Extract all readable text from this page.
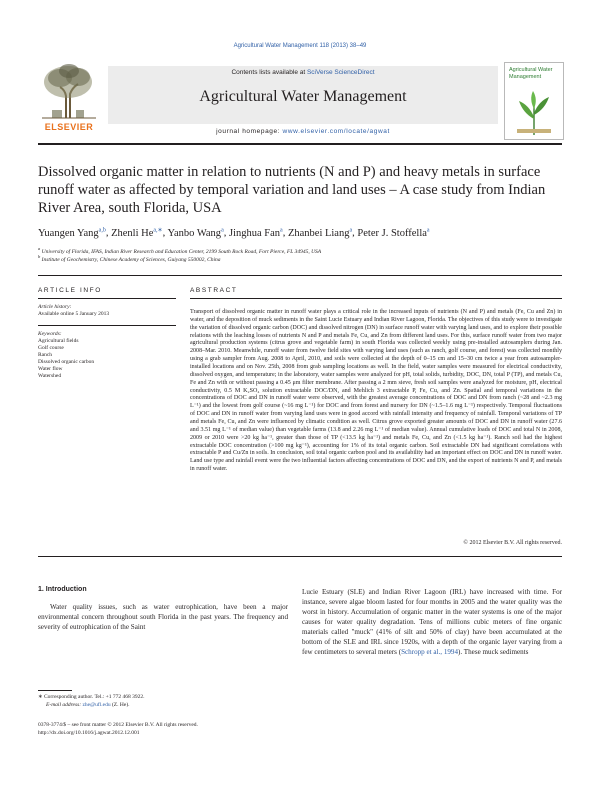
Agricultural Water Management 118 (2013) 38–49
ELSEVIER
Contents lists available at SciVerse ScienceDirect
Agricultural Water Management
journal homepage: www.elsevier.com/locate/agwat
Agricultural Water Management
Dissolved organic matter in relation to nutrients (N and P) and heavy metals in surface runoff water as affected by temporal variation and land uses – A case study from Indian River Area, south Florida, USA
Yuangen Yang$^{a,b}$, Zhenli $He^{a,∗}$, Yanbo Wang$^a$, Jinghua Fan$^a$, Zhanbei Liang$^a$, Peter J. Stoffella$^a$
$^a$ University of Florida, IFAS, Indian River Research and Education Center, 2199 South Rock Road, Fort Pierce, FL 34945, USA
$^b$ Institute of Geochemistry, Chinese Academy of Sciences, Guiyang 550002, China
ARTICLE INFO
Article history:
Available online 5 January 2013
Keywords:
Agricultural fields
Golf course
Ranch
Dissolved organic carbon
Water flow
Watershed
ABSTRACT

Transport of dissolved organic matter in runoff water plays a critical role in the increased inputs of nutrients (N and P) and metals (Fe, Cu and Zn) in water, and the deposition of muck sediments in the Saint Lucie Estuary and Indian River Lagoon, Florida. The objectives of this study were to investigate the variation of dissolved organic carbon (DOC) and dissolved nitrogen (DN) in surface runoff water with varying land uses, and to explore their possible relations with the leaching losses of nutrients N and P and metals Fe, Cu, and Zn from different land uses. For this, surface runoff water from two major agricultural production systems (citrus grove and vegetable farm) in south Florida was collected weekly using pre-installed autosamplers during Jan. 2008–Mar. 2010. Meanwhile, runoff water from twelve field sites with varying land uses (such as ranch, golf course, and forest) was collected monthly using a grab sampler from Aug. 2008 to April, 2010, and soils were collected at the depth of 0–15 cm and 15–30 cm twice a year from autosampler-installed locations and on Nov. 25th, 2008 from grab sampling locations as well. In the field, water samples were measured for electrical conductivity, dissolved oxygen, and temperature; in the laboratory, water samples were analyzed for pH, total solids, turbidity, DOC, DN, total P (TP), and metals Cu, Fe and Zn with or without passing a 0.45 μm filter membrane. After passing a 2 mm sieve, fresh soil samples were analyzed for moisture, pH, electrical conductivity, 0.5 M K₂SO₄ solution extractable DOC/DN, and Mehlich 3 extractable P, Fe, Cu, and Zn. Spatial and temporal variations in the concentrations of DOC and DN in runoff water were observed, with the greatest average concentrations of DOC and DN from ranch (~28 and ~2.3 mg L⁻¹) and the lowest from golf course (~16 mg L⁻¹) for DOC and from forest and nursery for DN (~1.5–1.6 mg L⁻¹) respectively. Temporal fluctuations of DOC and DN in runoff water from varying land uses were in good accord with rainfall intensity and frequency of rainfall. Temporal variations of TP and metals Fe, Cu, and Zn were influenced by climatic condition as well. Citrus grove exported greater amounts of DOC and DN in runoff water (27.6 and 3.51 mg L⁻¹ of median value) than vegetable farms (13.8 and 2.26 mg L⁻¹ of median value). Annual cumulative loads of DOC and total N in 2008, 2009 or 2010 were >20 kg ha⁻¹, greater than those of TP (<13.5 kg ha⁻¹) and metals Fe, Cu, and Zn (<1.5 kg ha⁻¹). Ranch soil had the highest extractable DOC concentration (>100 mg kg⁻¹), accounting for 1% of its total organic carbon. Soil extractable DN had significant correlations with extractable P and Cu/Zn in soils. In conclusion, soil total organic carbon pool and its availability had an important effect on DOC and DN in runoff water. Land use type and rainfall event were the two influential factors affecting concentrations of DOC and DN, and the export of nutrients N and P, and metals in runoff water.

© 2012 Elsevier B.V. All rights reserved.
1. Introduction

Water quality issues, such as water eutrophication, have been a major environmental concern throughout south Florida in the past years. The frequency and severity of eutrophication of the Saint

Lucie Estuary (SLE) and Indian River Lagoon (IRL) have increased with time. For instance, severe algae bloom lasted for four months in 2005 and the water quality was the worst in history. Accumulation of organic matter in the water systems is one of the major causes for water quality degradation. Tens of millions cubic meters of fine organic materials called "muck" (41% of silt and 50% of clay) have been accumulated at the bottom of the SLE and IRL since 1920s, with a depth of the organic layer varying from a few centimeters to several meters (Schropp et al., 1994). These muck sediments

∗ Corresponding author. Tel.: +1 772 468 3922.
E-mail address: zhe@ufl.edu (Z. He).
0378-3774/$ – see front matter © 2012 Elsevier B.V. All rights reserved.
http://dx.doi.org/10.1016/j.agwat.2012.12.001
